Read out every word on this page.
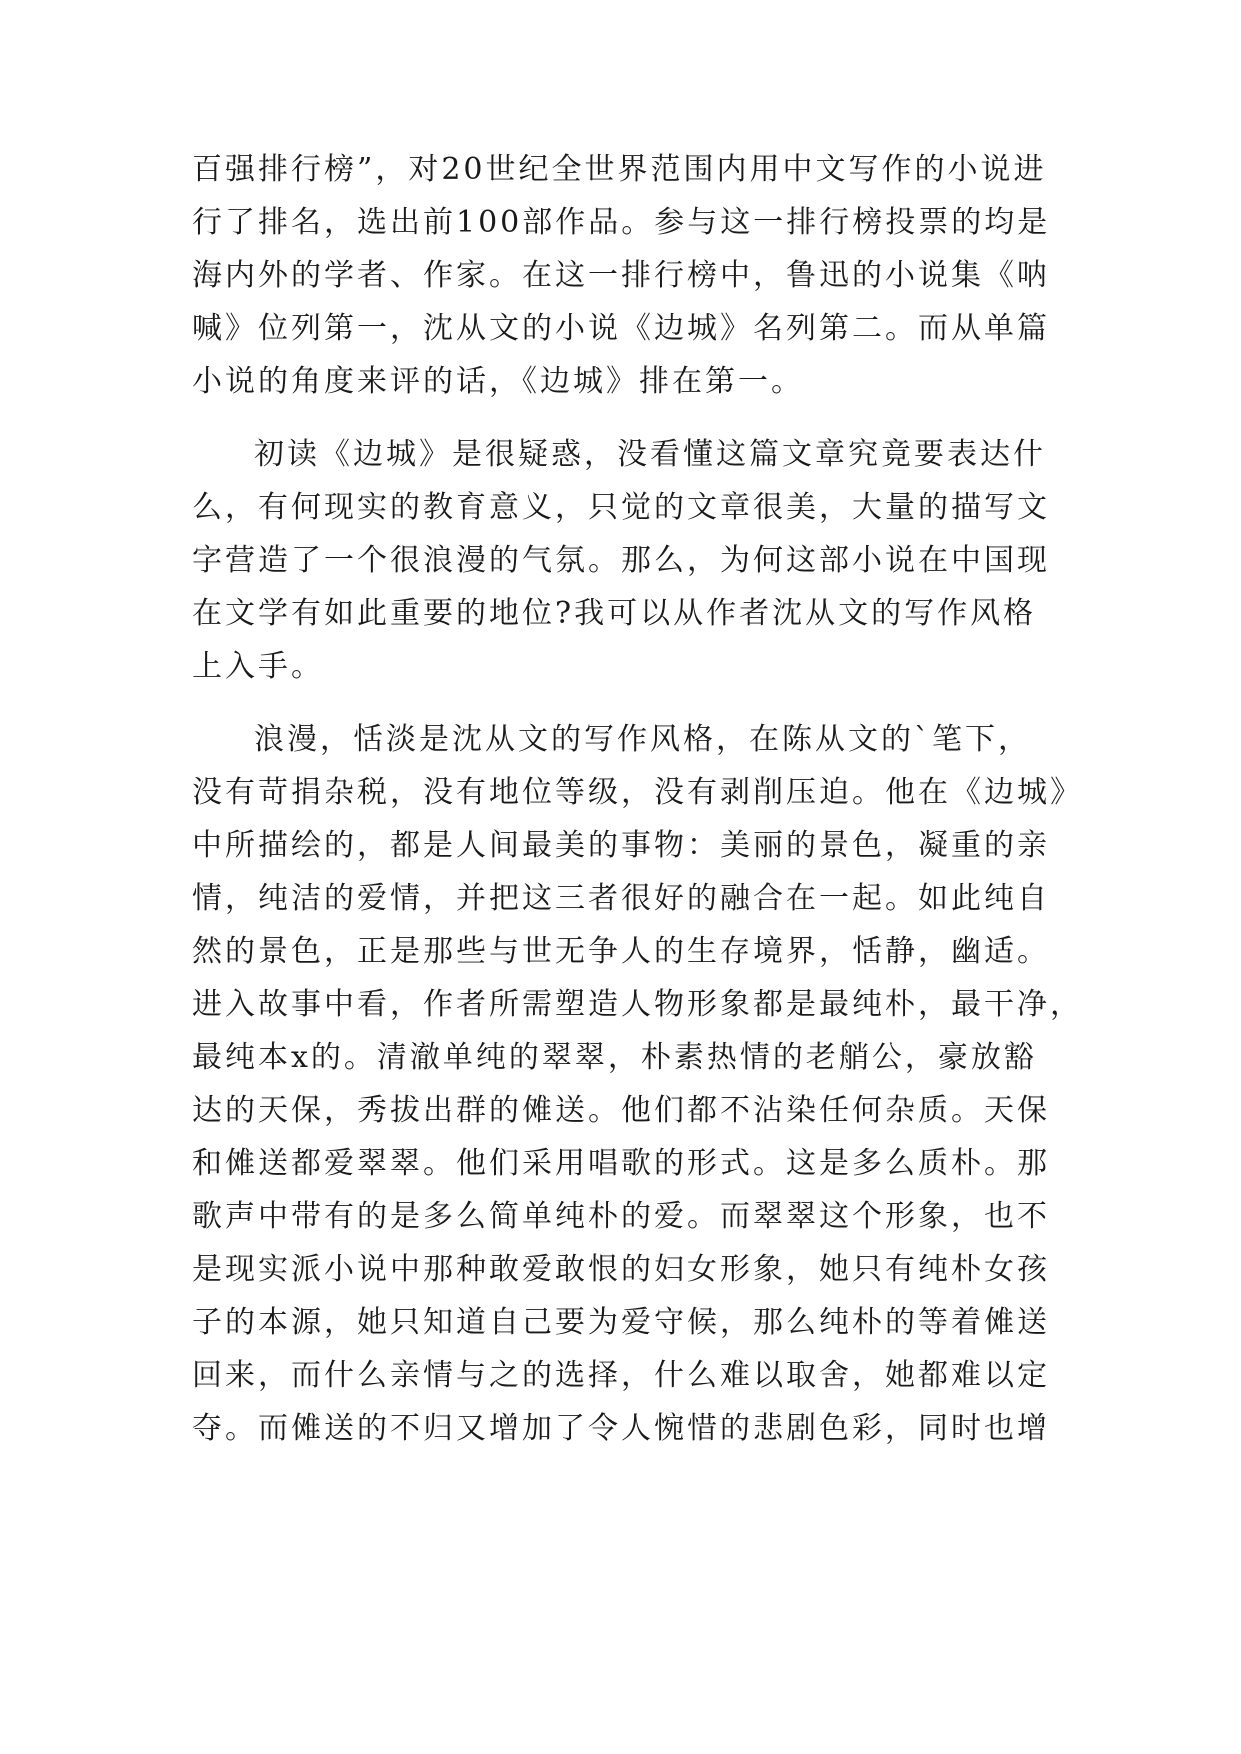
百强排行榜”，对20世纪全世界范围内用中文写作的小说进

行了排名，选出前100部作品。参与这一排行榜投票的均是

海内外的学者、作家。在这一排行榜中，鲁迅的小说集《呐

喊》位列第一，沈从文的小说《边城》名列第二。而从单篇

小说的角度来评的话，《边城》排在第一。

初读《边城》是很疑惑，没看懂这篇文章究竟要表达什

么，有何现实的教育意义，只觉的文章很美，大量的描写文

字营造了一个很浪漫的气氛。那么，为何这部小说在中国现

在文学有如此重要的地位?我可以从作者沈从文的写作风格

上入手。

浪漫，恬淡是沈从文的写作风格，在陈从文的`笔下，

没有苛捐杂税，没有地位等级，没有剥削压迫。他在《边城》

中所描绘的，都是人间最美的事物：美丽的景色，凝重的亲

情，纯洁的爱情，并把这三者很好的融合在一起。如此纯自

然的景色，正是那些与世无争人的生存境界，恬静，幽适。

进入故事中看，作者所需塑造人物形象都是最纯朴，最干净，

最纯本x的。清澈单纯的翠翠，朴素热情的老艄公，豪放豁

达的天保，秀拔出群的傩送。他们都不沾染任何杂质。天保

和傩送都爱翠翠。他们采用唱歌的形式。这是多么质朴。那

歌声中带有的是多么简单纯朴的爱。而翠翠这个形象，也不

是现实派小说中那种敢爱敢恨的妇女形象，她只有纯朴女孩

子的本源，她只知道自己要为爱守候，那么纯朴的等着傩送

回来，而什么亲情与之的选择，什么难以取舍，她都难以定

夺。而傩送的不归又增加了令人惋惜的悲剧色彩，同时也增
